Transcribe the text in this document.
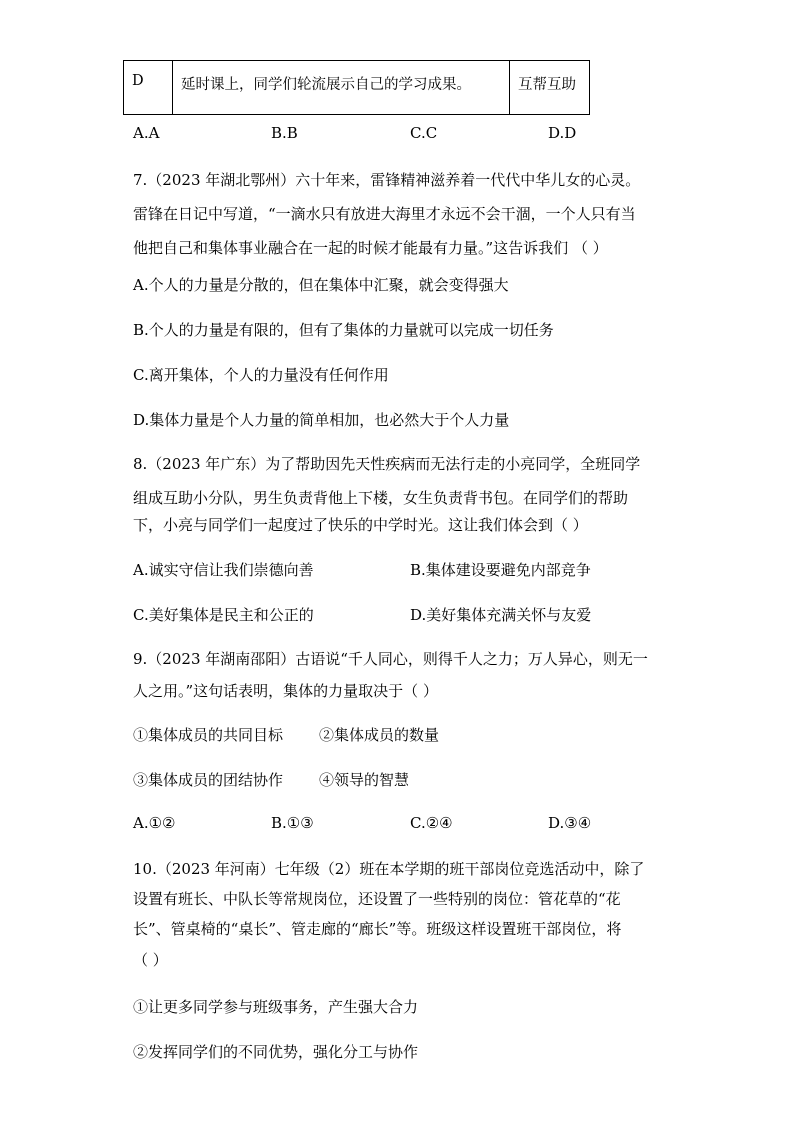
D	延时课上，同学们轮流展示自己的学习成果。	互帮互助
A.A	B.B	C.C	D.D
7.（2023 年湖北鄂州）六十年来，雷锋精神滋养着一代代中华儿女的心灵。
雷锋在日记中写道，“一滴水只有放进大海里才永远不会干涸，一个人只有当
他把自己和集体事业融合在一起的时候才能最有力量。”这告诉我们 （ ）
A.个人的力量是分散的，但在集体中汇聚，就会变得强大
B.个人的力量是有限的，但有了集体的力量就可以完成一切任务
C.离开集体，个人的力量没有任何作用
D.集体力量是个人力量的简单相加，也必然大于个人力量
8.（2023 年广东）为了帮助因先天性疾病而无法行走的小亮同学，全班同学
组成互助小分队，男生负责背他上下楼，女生负责背书包。在同学们的帮助
下，小亮与同学们一起度过了快乐的中学时光。这让我们体会到（ ）
A.诚实守信让我们崇德向善	B.集体建设要避免内部竞争
C.美好集体是民主和公正的	D.美好集体充满关怀与友爱
9.（2023 年湖南邵阳）古语说“千人同心，则得千人之力；万人异心，则无一
人之用。”这句话表明，集体的力量取决于（ ）
①集体成员的共同目标 ②集体成员的数量
③集体成员的团结协作 ④领导的智慧
A.①②	B.①③	C.②④	D.③④
10.（2023 年河南）七年级（2）班在本学期的班干部岗位竞选活动中，除了
设置有班长、中队长等常规岗位，还设置了一些特别的岗位：管花草的“花
长”、管桌椅的“桌长”、管走廊的“廊长”等。班级这样设置班干部岗位，将
（ ）
①让更多同学参与班级事务，产生强大合力
②发挥同学们的不同优势，强化分工与协作
